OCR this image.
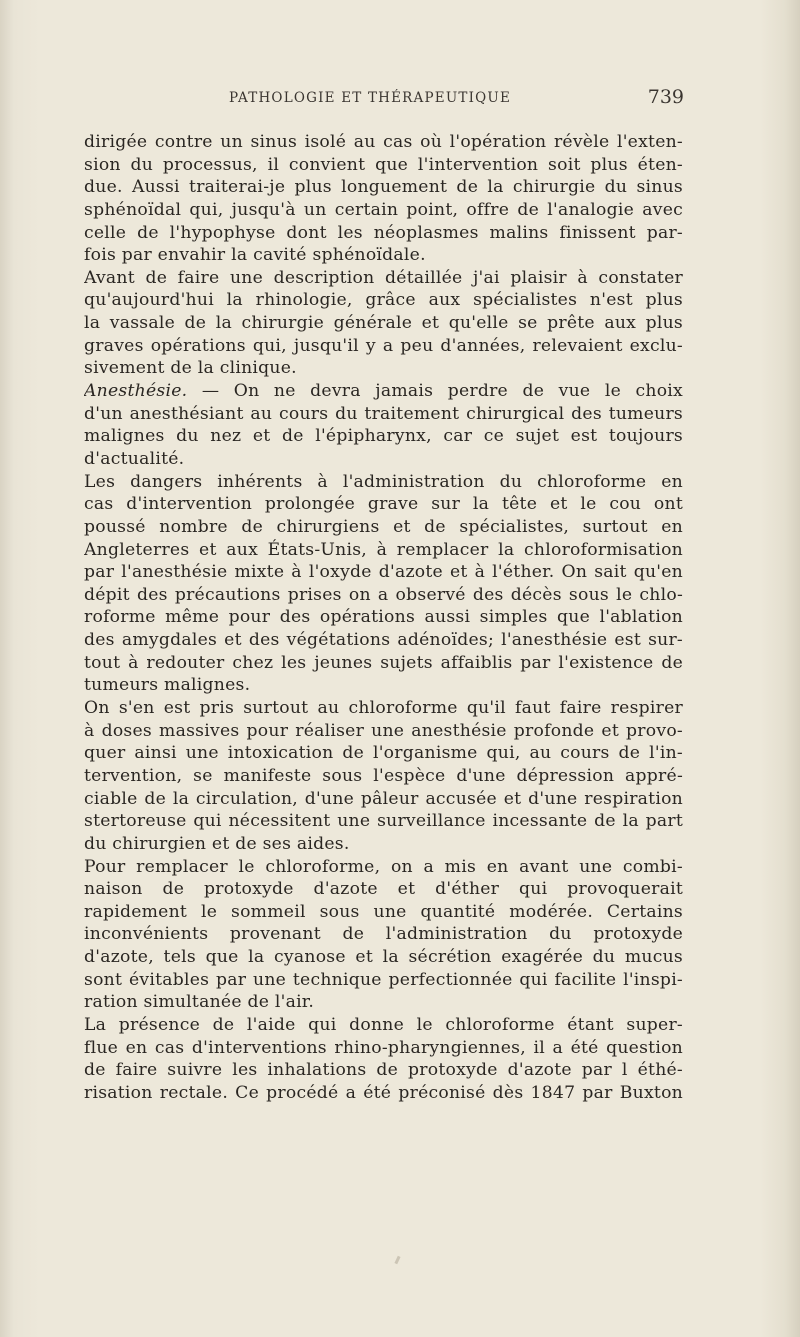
PATHOLOGIE ET THÉRAPEUTIQUE	739
dirigée contre un sinus isolé au cas où l'opération révèle l'exten-
sion du processus, il convient que l'intervention soit plus éten-
due. Aussi traiterai-je plus longuement de la chirurgie du sinus
sphénoïdal qui, jusqu'à un certain point, offre de l'analogie avec
celle de l'hypophyse dont les néoplasmes malins finissent par-
fois par envahir la cavité sphénoïdale.
Avant de faire une description détaillée j'ai plaisir à constater
qu'aujourd'hui la rhinologie, grâce aux spécialistes n'est plus
la vassale de la chirurgie générale et qu'elle se prête aux plus
graves opérations qui, jusqu'il y a peu d'années, relevaient exclu-
sivement de la clinique.
Anesthésie. — On ne devra jamais perdre de vue le choix
d'un anesthésiant au cours du traitement chirurgical des tumeurs
malignes du nez et de l'épipharynx, car ce sujet est toujours
d'actualité.
Les dangers inhérents à l'administration du chloroforme en
cas d'intervention prolongée grave sur la tête et le cou ont
poussé nombre de chirurgiens et de spécialistes, surtout en
Angleterres et aux États-Unis, à remplacer la chloroformisation
par l'anesthésie mixte à l'oxyde d'azote et à l'éther. On sait qu'en
dépit des précautions prises on a observé des décès sous le chlo-
roforme même pour des opérations aussi simples que l'ablation
des amygdales et des végétations adénoïdes; l'anesthésie est sur-
tout à redouter chez les jeunes sujets affaiblis par l'existence de
tumeurs malignes.
On s'en est pris surtout au chloroforme qu'il faut faire respirer
à doses massives pour réaliser une anesthésie profonde et provo-
quer ainsi une intoxication de l'organisme qui, au cours de l'in-
tervention, se manifeste sous l'espèce d'une dépression appré-
ciable de la circulation, d'une pâleur accusée et d'une respiration
stertoreuse qui nécessitent une surveillance incessante de la part
du chirurgien et de ses aides.
Pour remplacer le chloroforme, on a mis en avant une combi-
naison de protoxyde d'azote et d'éther qui provoquerait
rapidement le sommeil sous une quantité modérée. Certains
inconvénients provenant de l'administration du protoxyde
d'azote, tels que la cyanose et la sécrétion exagérée du mucus
sont évitables par une technique perfectionnée qui facilite l'inspi-
ration simultanée de l'air.
La présence de l'aide qui donne le chloroforme étant super-
flue en cas d'interventions rhino-pharyngiennes, il a été question
de faire suivre les inhalations de protoxyde d'azote par l éthé-
risation rectale. Ce procédé a été préconisé dès 1847 par Buxton
